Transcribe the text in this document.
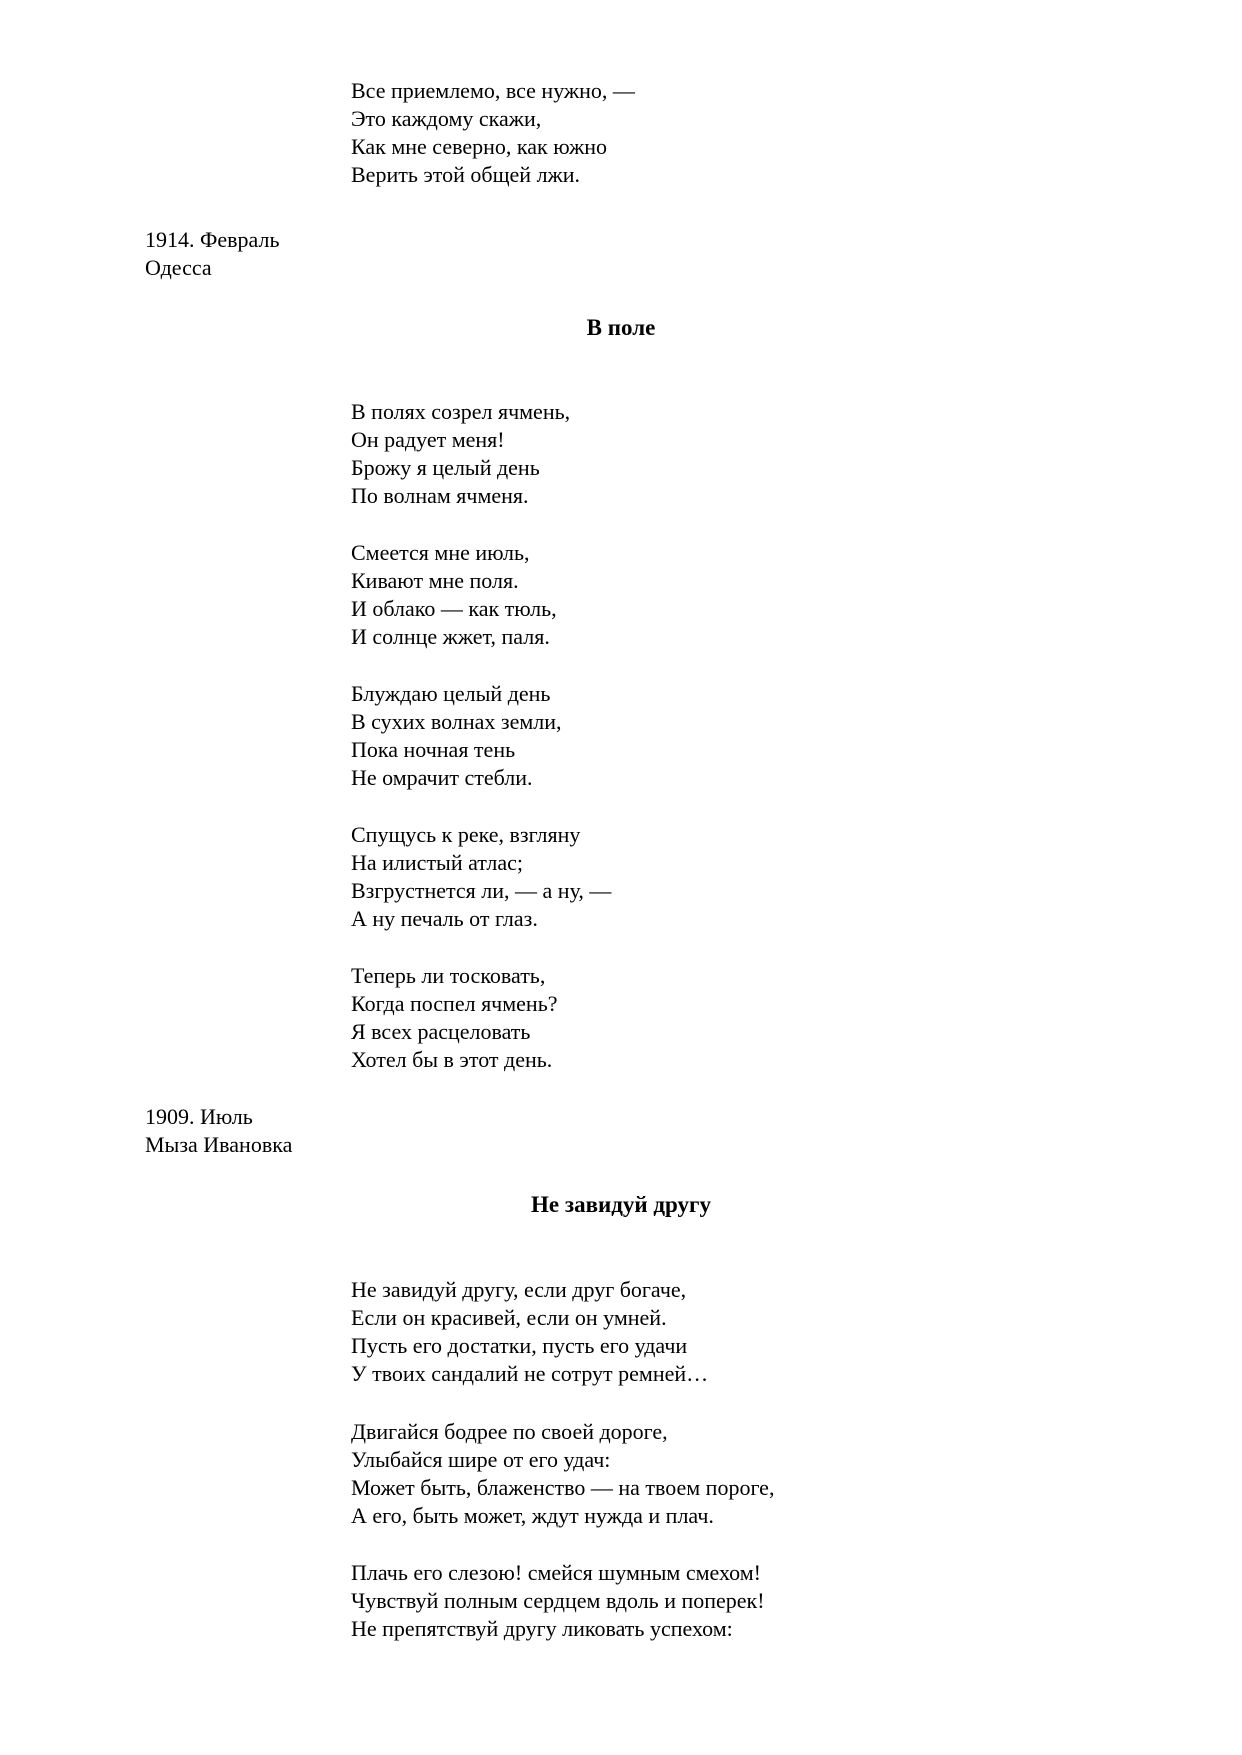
Все приемлемо, все нужно, —

Это каждому скажи,

Как мне северно, как южно

Верить этой общей лжи.

1914. Февраль

Одесса

В поле

В полях созрел ячмень,

Он радует меня!

Брожу я целый день

По волнам ячменя.

Смеется мне июль,

Кивают мне поля.

И облако — как тюль,

И солнце жжет, паля.

Блуждаю целый день

В сухих волнах земли,

Пока ночная тень

Не омрачит стебли.

Спущусь к реке, взгляну

На илистый атлас;

Взгрустнется ли, — а ну, —

А ну печаль от глаз.

Теперь ли тосковать,

Когда поспел ячмень?

Я всех расцеловать

Хотел бы в этот день.

1909. Июль

Мыза Ивановка

Не завидуй другу

Не завидуй другу, если друг богаче,

Если он красивей, если он умней.

Пусть его достатки, пусть его удачи

У твоих сандалий не сотрут ремней…

Двигайся бодрее по своей дороге,

Улыбайся шире от его удач:

Может быть, блаженство — на твоем пороге,

А его, быть может, ждут нужда и плач.

Плачь его слезою! смейся шумным смехом!

Чувствуй полным сердцем вдоль и поперек!

Не препятствуй другу ликовать успехом:
